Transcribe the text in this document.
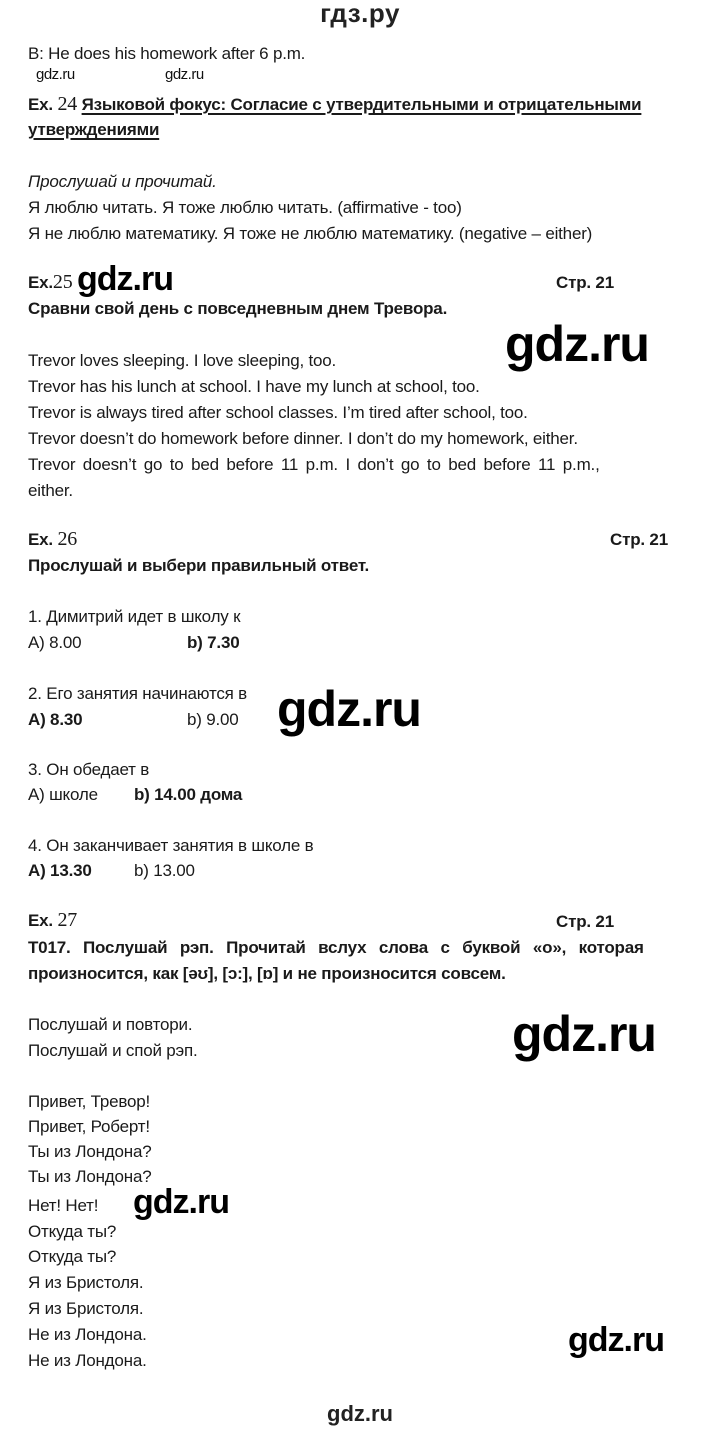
гдз.ру
B: He does his homework after 6 p.m.
gdz.ru	gdz.ru
Ex. 24 Языковой фокус: Согласие с утвердительными и отрицательными
утверждениями
Прослушай и прочитай.
Я люблю читать. Я тоже люблю читать. (affirmative - too)
Я не люблю математику. Я тоже не люблю математику. (negative – either)
Ex.25 gdz.ru	Стр. 21
Сравни свой день с повседневным днем Тревора.
gdz.ru
Trevor loves sleeping. I love sleeping, too.
Trevor has his lunch at school. I have my lunch at school, too.
Trevor is always tired after school classes. I’m tired after school, too.
Trevor doesn’t do homework before dinner. I don’t do my homework, either.
Trevor doesn’t go to bed before 11 p.m. I don’t go to bed before 11 p.m.,
either.
Ex. 26	Стр. 21
Прослушай и выбери правильный ответ.
1. Димитрий идет в школу к
A) 8.00	b) 7.30
2. Его занятия начинаются в
A) 8.30	b) 9.00 gdz.ru
3. Он обедает в
A) школе b) 14.00 дома
4. Он заканчивает занятия в школе в
A) 13.30 b) 13.00
Ex. 27	Стр. 21
T017. Послушай рэп. Прочитай вслух слова с буквой «o», которая
произносится, как [əʊ], [ɔ:], [ɒ] и не произносится совсем.
Послушай и повтори.
Послушай и спой рэп.	gdz.ru
Привет, Тревор!
Привет, Роберт!
Ты из Лондона?
Ты из Лондона?
Нет! Нет! gdz.ru
Откуда ты?
Откуда ты?
Я из Бристоля.
Я из Бристоля.
Не из Лондона.
Не из Лондона.
gdz.ru
gdz.ru
